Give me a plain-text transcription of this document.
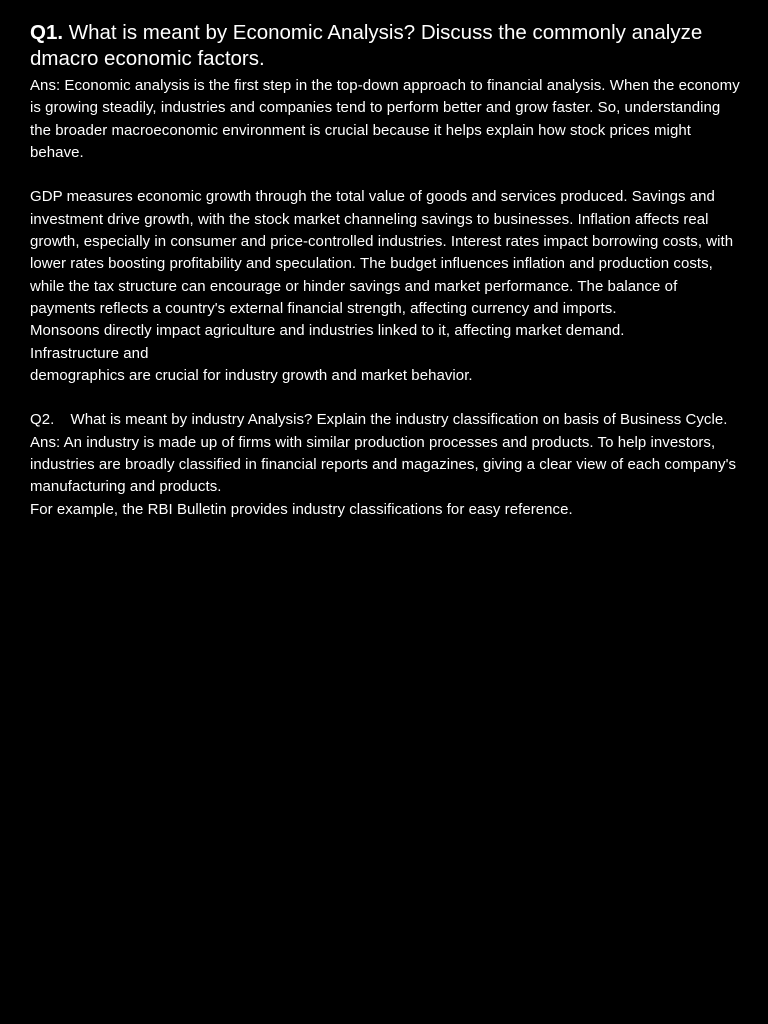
Q1. What is meant by Economic Analysis? Discuss the commonly analyze dmacro economic factors.

Ans: Economic analysis is the first step in the top-down approach to financial analysis. When the economy is growing steadily, industries and companies tend to perform better and grow faster. So, understanding the broader macroeconomic environment is crucial because it helps explain how stock prices might behave.

GDP measures economic growth through the total value of goods and services produced. Savings and investment drive growth, with the stock market channeling savings to businesses. Inflation affects real growth, especially in consumer and price-controlled industries. Interest rates impact borrowing costs, with lower rates boosting profitability and speculation. The budget influences inflation and production costs, while the tax structure can encourage or hinder savings and market performance. The balance of payments reflects a country's external financial strength, affecting currency and imports.

Monsoons directly impact agriculture and industries linked to it, affecting market demand.

Infrastructure and

demographics are crucial for industry growth and market behavior.

Q2. What is meant by industry Analysis? Explain the industry classification on basis of Business Cycle.

Ans: An industry is made up of firms with similar production processes and products. To help investors, industries are broadly classified in financial reports and magazines, giving a clear view of each company's manufacturing and products.

For example, the RBI Bulletin provides industry classifications for easy reference.
